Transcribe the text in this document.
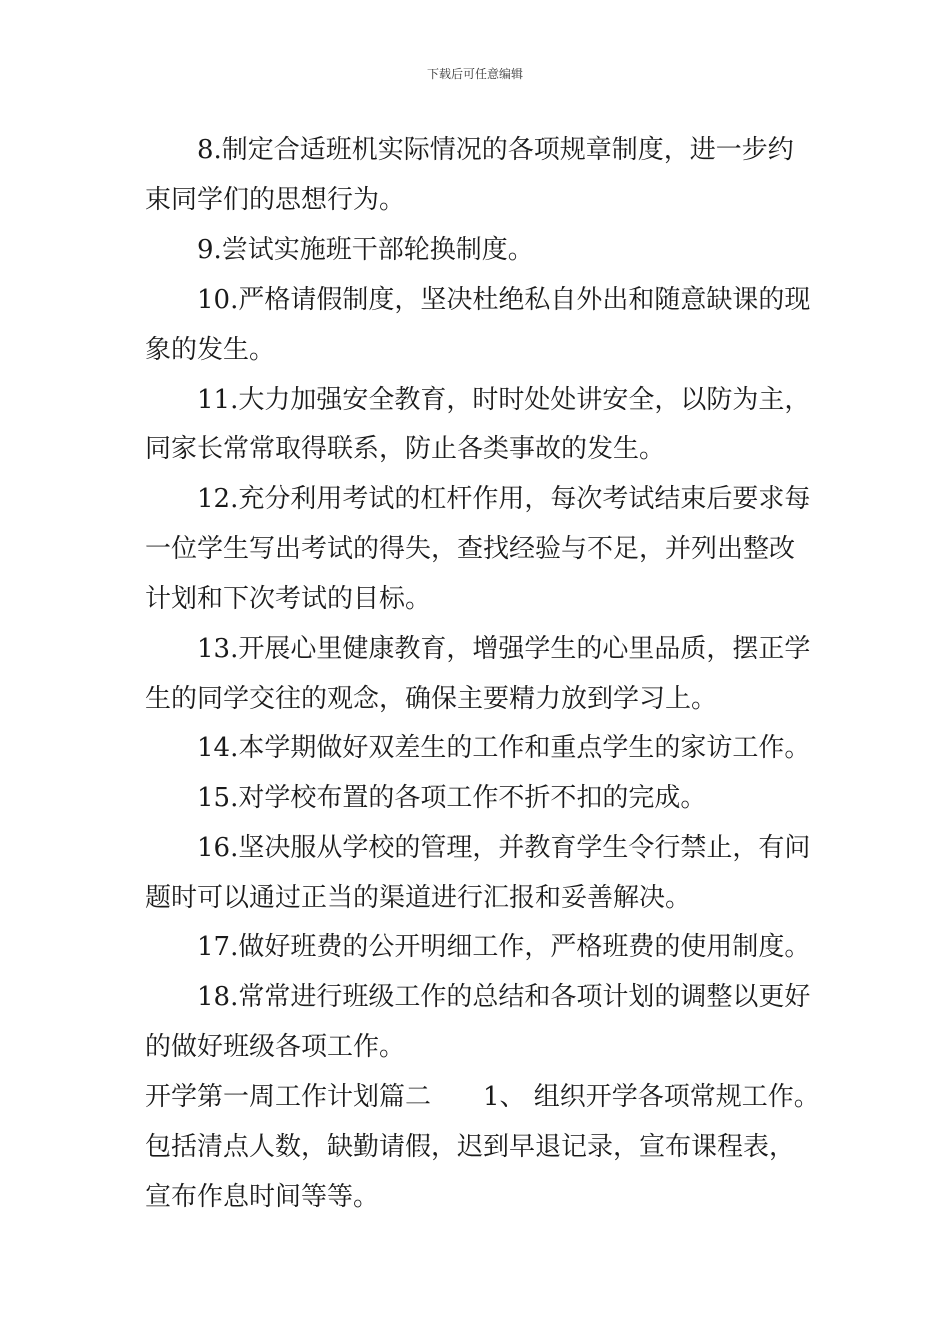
下载后可任意编辑
8.制定合适班机实际情况的各项规章制度，进一步约
束同学们的思想行为。
9.尝试实施班干部轮换制度。
10.严格请假制度，坚决杜绝私自外出和随意缺课的现
象的发生。
11.大力加强安全教育，时时处处讲安全，以防为主，
同家长常常取得联系，防止各类事故的发生。
12.充分利用考试的杠杆作用，每次考试结束后要求每
一位学生写出考试的得失，查找经验与不足，并列出整改
计划和下次考试的目标。
13.开展心里健康教育，增强学生的心里品质，摆正学
生的同学交往的观念，确保主要精力放到学习上。
14.本学期做好双差生的工作和重点学生的家访工作。
15.对学校布置的各项工作不折不扣的完成。
16.坚决服从学校的管理，并教育学生令行禁止，有问
题时可以通过正当的渠道进行汇报和妥善解决。
17.做好班费的公开明细工作，严格班费的使用制度。
18.常常进行班级工作的总结和各项计划的调整以更好
的做好班级各项工作。
开学第一周工作计划篇二　　1、 组织开学各项常规工作。
包括清点人数，缺勤请假，迟到早退记录，宣布课程表，
宣布作息时间等等。
